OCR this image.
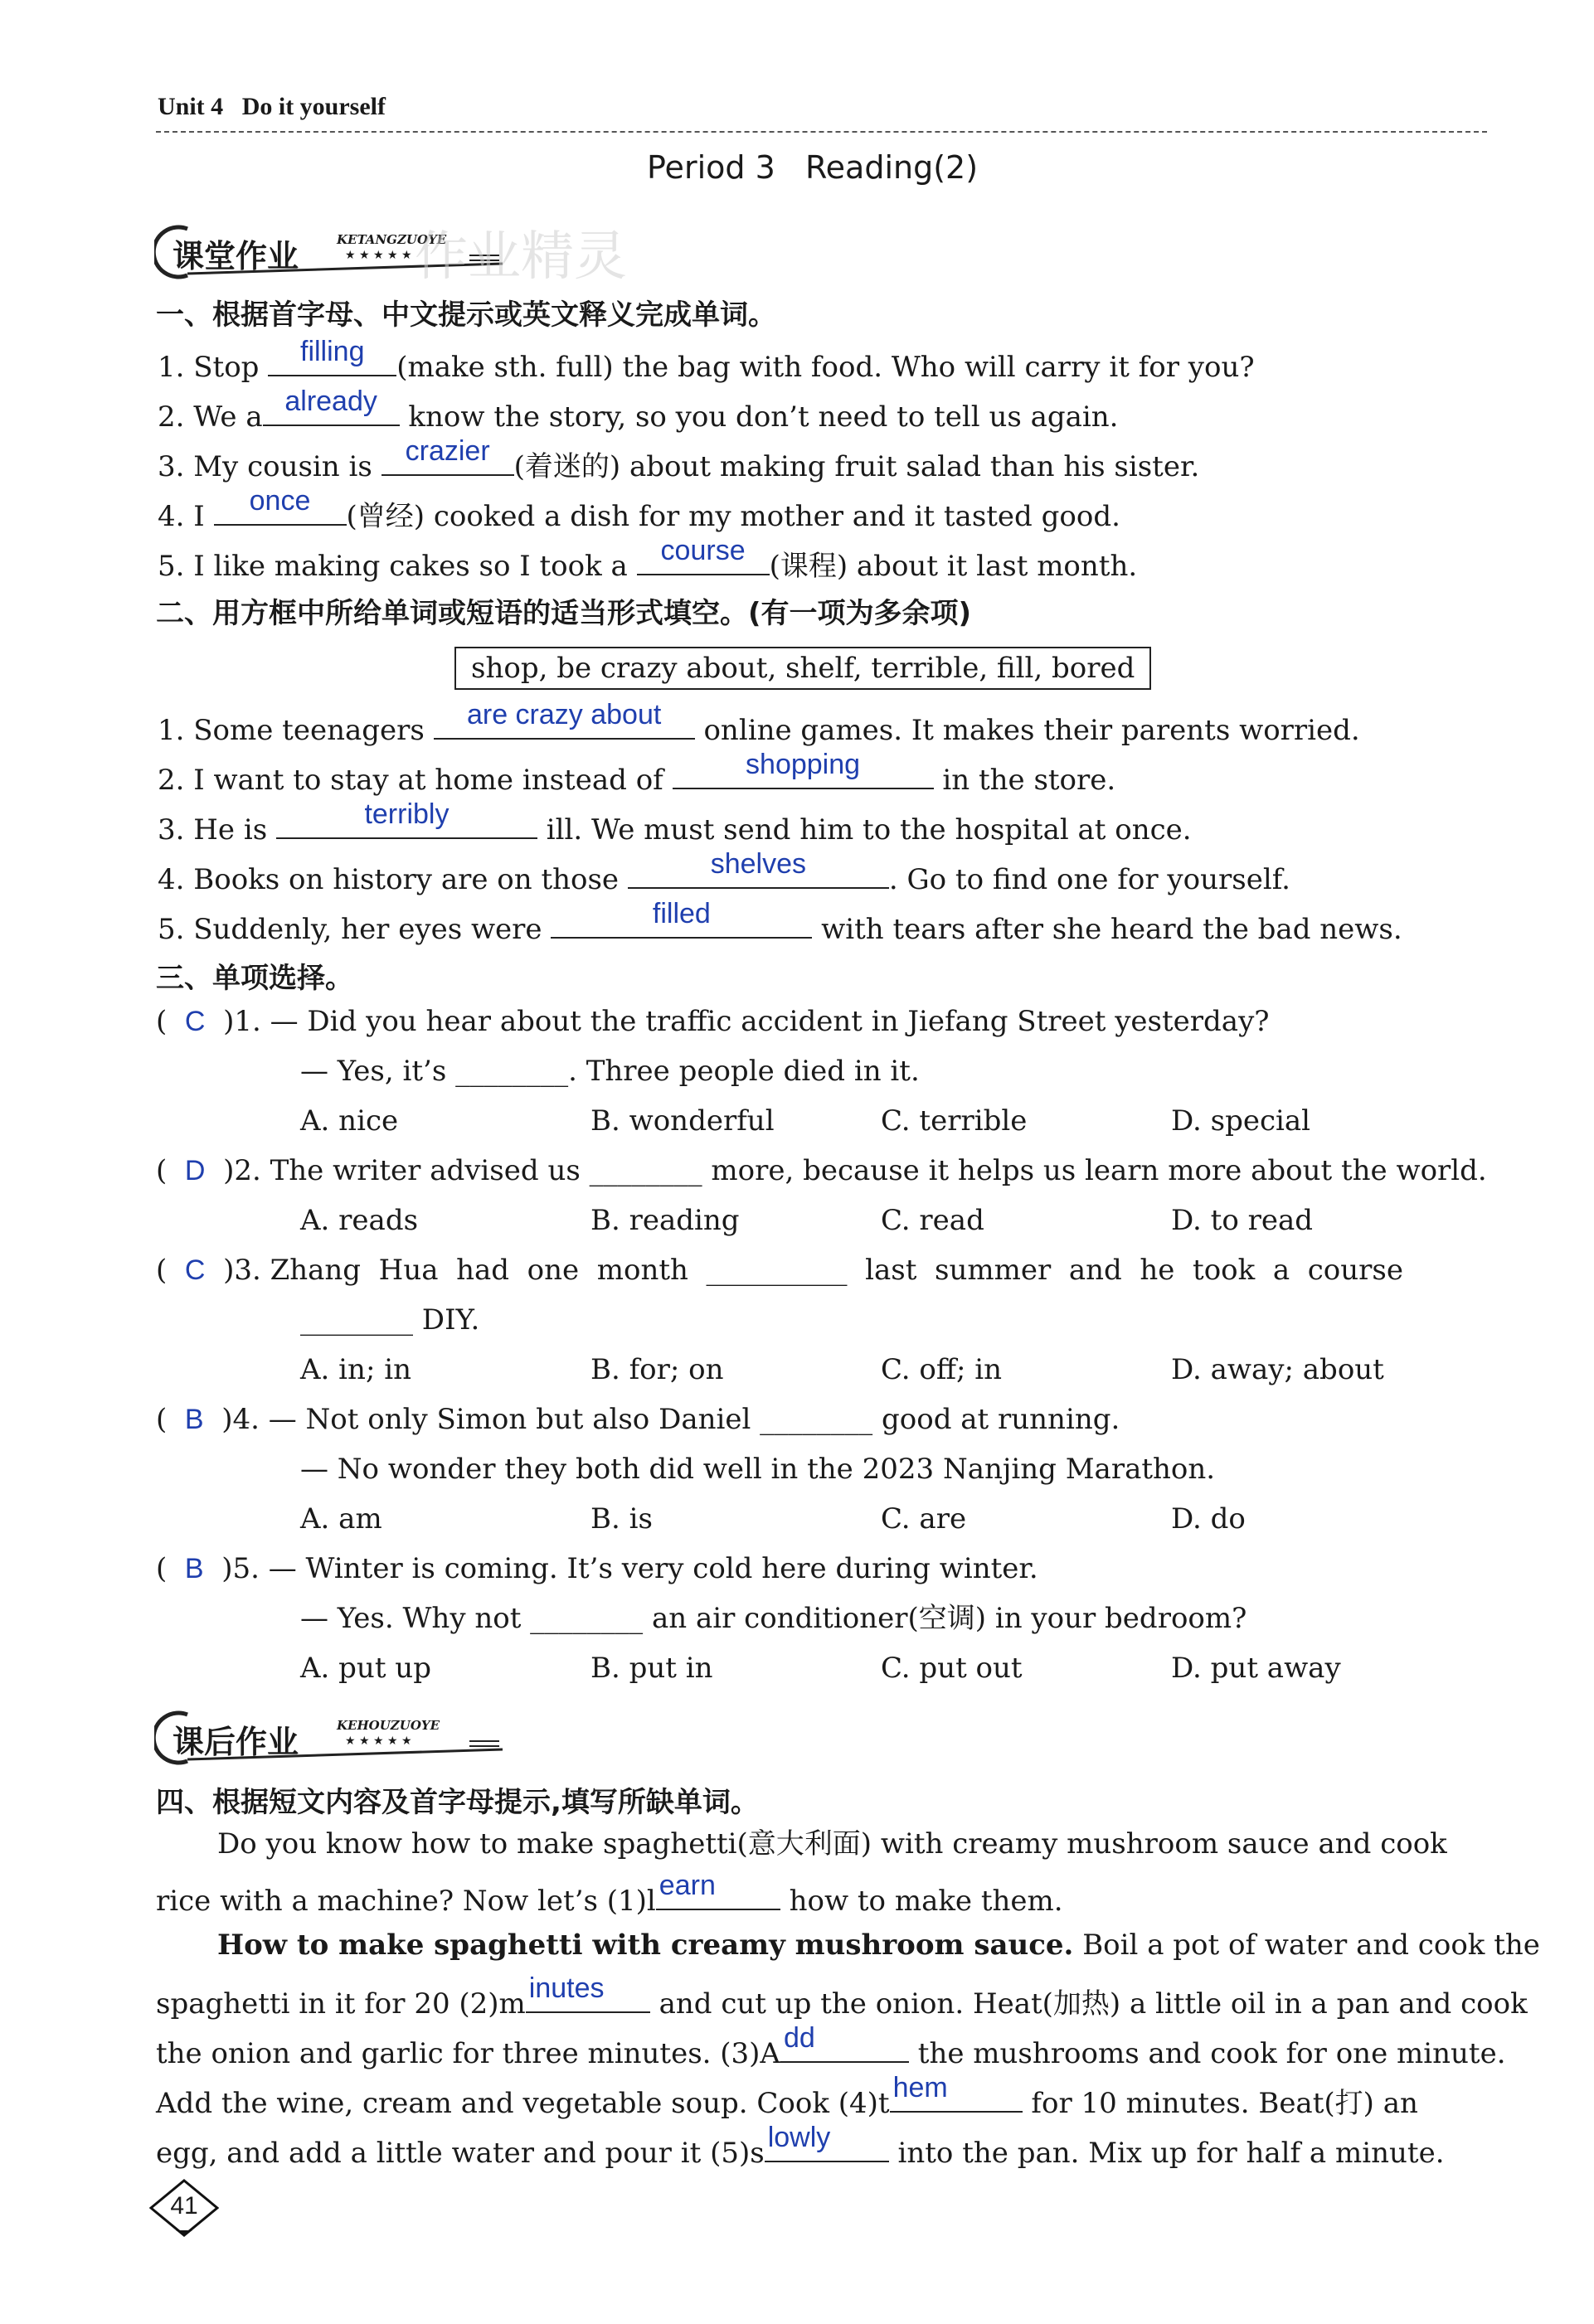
Unit 4 Do it yourself
Period 3   Reading(2)
课堂作业	KETANGZUOYE
★ ★ ★ ★ ★ 作业精灵
一、根据首字母、中文提示或英文释义完成单词。
1. Stop	filling	(make sth. full) the bag with food. Who will carry it for you?
2. We a already know the story, so you don’t need to tell us again.
3. My cousin is crazier (着迷的) about making fruit salad than his sister.
4. I	once	(曾经) cooked a dish for my mother and it tasted good.
5. I like making cakes so I took a course (课程) about it last month.
二、用方框中所给单词或短语的适当形式填空。(有一项为多余项)
shop, be crazy about, shelf, terrible, fill, bored
1. Some teenagers	are crazy about	online games. It makes their parents worried.
2. I want to stay at home instead of	shopping	in the store.
3. He is	terribly	ill. We must send him to the hospital at once.
4. Books on history are on those	shelves	. Go to find one for yourself.
5. Suddenly, her eyes were	filled	with tears after she heard the bad news.
三、单项选择。
(  C )1. — Did you hear about the traffic accident in Jiefang Street yesterday?
— Yes, it’s ________. Three people died in it.
A. nice	B. wonderful	C. terrible	D. special
(  D )2. The writer advised us ________ more, because it helps us learn more about the world.
A. reads	B. reading	C. read	D. to read
(  C )3. Zhang  Hua  had  one  month  __________  last  summer  and  he  took  a  course
________ DIY.
A. in; in	B. for; on	C. off; in	D. away; about
(  B )4. — Not only Simon but also Daniel ________ good at running.
— No wonder they both did well in the 2023 Nanjing Marathon.
A. am	B. is	C. are	D. do
(  B )5. — Winter is coming. It’s very cold here during winter.
— Yes. Why not ________ an air conditioner(空调) in your bedroom?
A. put up	B. put in	C. put out	D. put away
课后作业	KEHOUZUOYE
★ ★ ★ ★ ★
四、根据短文内容及首字母提示,填写所缺单词。
Do you know how to make spaghetti(意大利面) with creamy mushroom sauce and cook
rice with a machine? Now let’s (1)l earn	how to make them.
How to make spaghetti with creamy mushroom sauce. Boil a pot of water and cook the
spaghetti in it for 20 (2)m inutes	and cut up the onion. Heat(加热) a little oil in a pan and cook
the onion and garlic for three minutes. (3)A dd	the mushrooms and cook for one minute.
Add the wine, cream and vegetable soup. Cook (4)t hem	for 10 minutes. Beat(打) an
egg, and add a little water and pour it (5)s lowly	into the pan. Mix up for half a minute.
41
